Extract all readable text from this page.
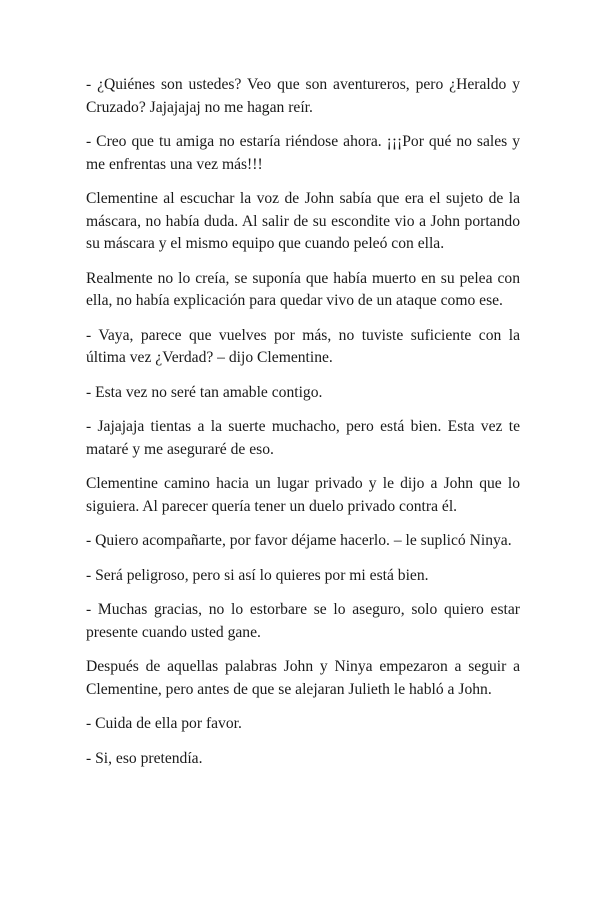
- ¿Quiénes son ustedes? Veo que son aventureros, pero ¿Heraldo y Cruzado? Jajajajaj no me hagan reír.

- Creo que tu amiga no estaría riéndose ahora. ¡¡¡Por qué no sales y me enfrentas una vez más!!!

Clementine al escuchar la voz de John sabía que era el sujeto de la máscara, no había duda. Al salir de su escondite vio a John portando su máscara y el mismo equipo que cuando peleó con ella.

Realmente no lo creía, se suponía que había muerto en su pelea con ella, no había explicación para quedar vivo de un ataque como ese.

- Vaya, parece que vuelves por más, no tuviste suficiente con la última vez ¿Verdad? – dijo Clementine.

- Esta vez no seré tan amable contigo.

- Jajajaja tientas a la suerte muchacho, pero está bien. Esta vez te mataré y me aseguraré de eso.

Clementine camino hacia un lugar privado y le dijo a John que lo siguiera. Al parecer quería tener un duelo privado contra él.

- Quiero acompañarte, por favor déjame hacerlo. – le suplicó Ninya.

- Será peligroso, pero si así lo quieres por mi está bien.

- Muchas gracias, no lo estorbare se lo aseguro, solo quiero estar presente cuando usted gane.

Después de aquellas palabras John y Ninya empezaron a seguir a Clementine, pero antes de que se alejaran Julieth le habló a John.

- Cuida de ella por favor.

- Si, eso pretendía.
